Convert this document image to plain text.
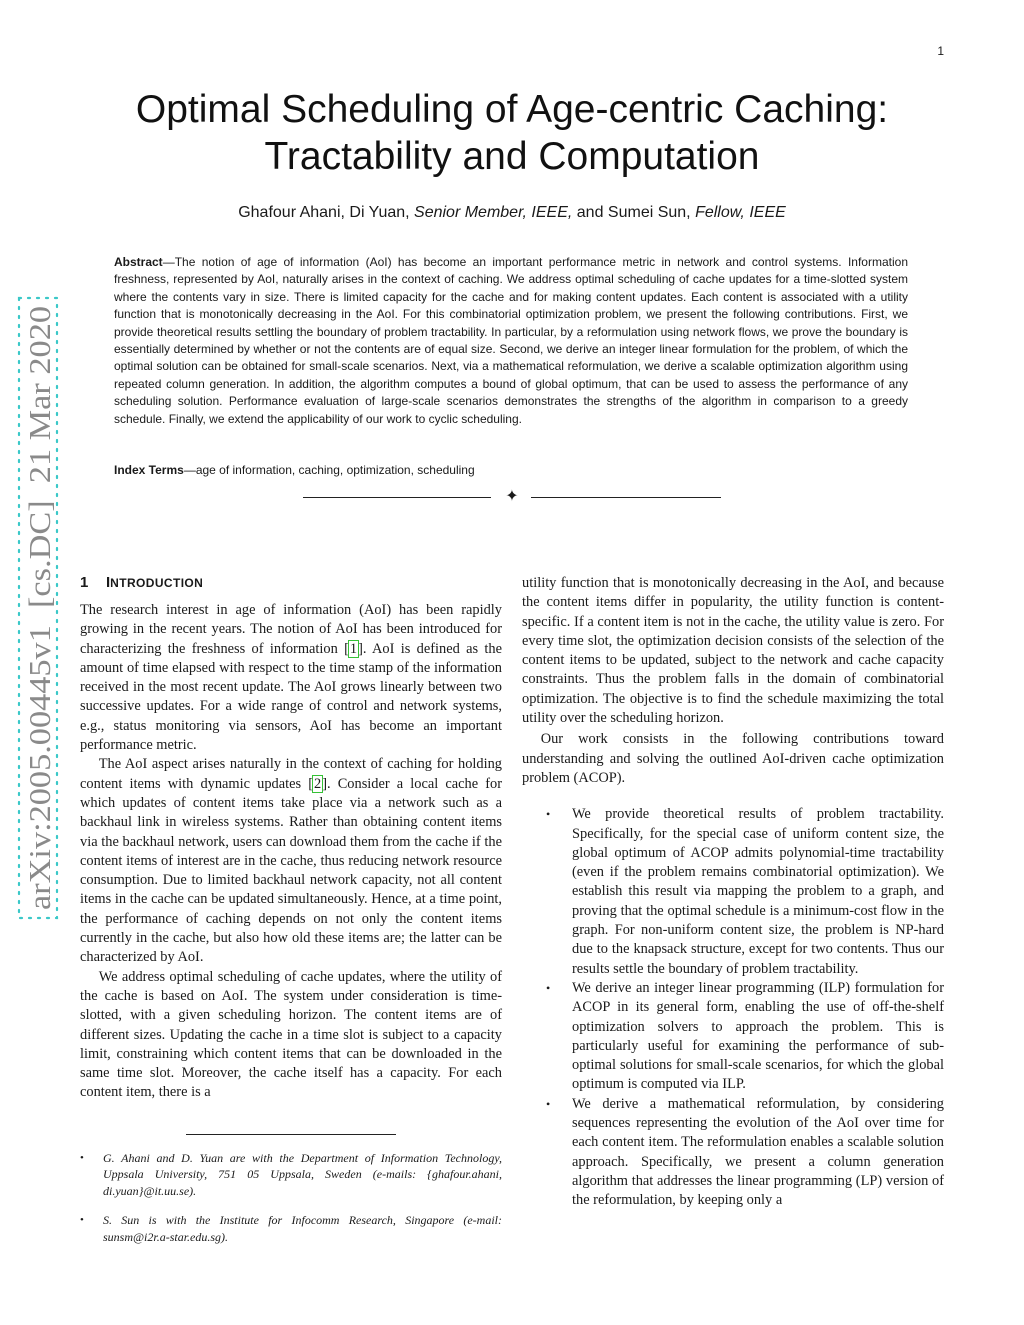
1
arXiv:2005.00445v1  [cs.DC]  21 Mar 2020
Optimal Scheduling of Age-centric Caching:
Tractability and Computation
Ghafour Ahani, Di Yuan, Senior Member, IEEE, and Sumei Sun, Fellow, IEEE
Abstract—The notion of age of information (AoI) has become an important performance metric in network and control systems. Information freshness, represented by AoI, naturally arises in the context of caching. We address optimal scheduling of cache updates for a time-slotted system where the contents vary in size. There is limited capacity for the cache and for making content updates. Each content is associated with a utility function that is monotonically decreasing in the AoI. For this combinatorial optimization problem, we present the following contributions. First, we provide theoretical results settling the boundary of problem tractability. In particular, by a reformulation using network flows, we prove the boundary is essentially determined by whether or not the contents are of equal size. Second, we derive an integer linear formulation for the problem, of which the optimal solution can be obtained for small-scale scenarios. Next, via a mathematical reformulation, we derive a scalable optimization algorithm using repeated column generation. In addition, the algorithm computes a bound of global optimum, that can be used to assess the performance of any scheduling solution. Performance evaluation of large-scale scenarios demonstrates the strengths of the algorithm in comparison to a greedy schedule. Finally, we extend the applicability of our work to cyclic scheduling.
Index Terms—age of information, caching, optimization, scheduling
✦
1 INTRODUCTION

The research interest in age of information (AoI) has been rapidly growing in the recent years. The notion of AoI has been introduced for characterizing the freshness of information [1]. AoI is defined as the amount of time elapsed with respect to the time stamp of the information received in the most recent update. The AoI grows linearly between two successive updates. For a wide range of control and network systems, e.g., status monitoring via sensors, AoI has become an important performance metric.

The AoI aspect arises naturally in the context of caching for holding content items with dynamic updates [2]. Consider a local cache for which updates of content items take place via a network such as a backhaul link in wireless systems. Rather than obtaining content items via the backhaul network, users can download them from the cache if the content items of interest are in the cache, thus reducing network resource consumption. Due to limited backhaul network capacity, not all content items in the cache can be updated simultaneously. Hence, at a time point, the performance of caching depends on not only the content items currently in the cache, but also how old these items are; the latter can be characterized by AoI.

We address optimal scheduling of cache updates, where the utility of the cache is based on AoI. The system under consideration is time-slotted, with a given scheduling horizon. The content items are of different sizes. Updating the cache in a time slot is subject to a capacity limit, constraining which content items that can be downloaded in the same time slot. Moreover, the cache itself has a capacity. For each content item, there is a

• G. Ahani and D. Yuan are with the Department of Information Technology, Uppsala University, 751 05 Uppsala, Sweden (e-mails: {ghafour.ahani, di.yuan}@it.uu.se).
• S. Sun is with the Institute for Infocomm Research, Singapore (e-mail: sunsm@i2r.a-star.edu.sg).

utility function that is monotonically decreasing in the AoI, and because the content items differ in popularity, the utility function is content-specific. If a content item is not in the cache, the utility value is zero. For every time slot, the optimization decision consists of the selection of the content items to be updated, subject to the network and cache capacity constraints. Thus the problem falls in the domain of combinatorial optimization. The objective is to find the schedule maximizing the total utility over the scheduling horizon.

Our work consists in the following contributions toward understanding and solving the outlined AoI-driven cache optimization problem (ACOP).

• We provide theoretical results of problem tractability. Specifically, for the special case of uniform content size, the global optimum of ACOP admits polynomial-time tractability (even if the problem remains combinatorial optimization). We establish this result via mapping the problem to a graph, and proving that the optimal schedule is a minimum-cost flow in the graph. For non-uniform content size, the problem is NP-hard due to the knapsack structure, except for two contents. Thus our results settle the boundary of problem tractability.
• We derive an integer linear programming (ILP) formulation for ACOP in its general form, enabling the use of off-the-shelf optimization solvers to approach the problem. This is particularly useful for examining the performance of sub-optimal solutions for small-scale scenarios, for which the global optimum is computed via ILP.
• We derive a mathematical reformulation, by considering sequences representing the evolution of the AoI over time for each content item. The reformulation enables a scalable solution approach. Specifically, we present a column generation algorithm that addresses the linear programming (LP) version of the reformulation, by keeping only a
